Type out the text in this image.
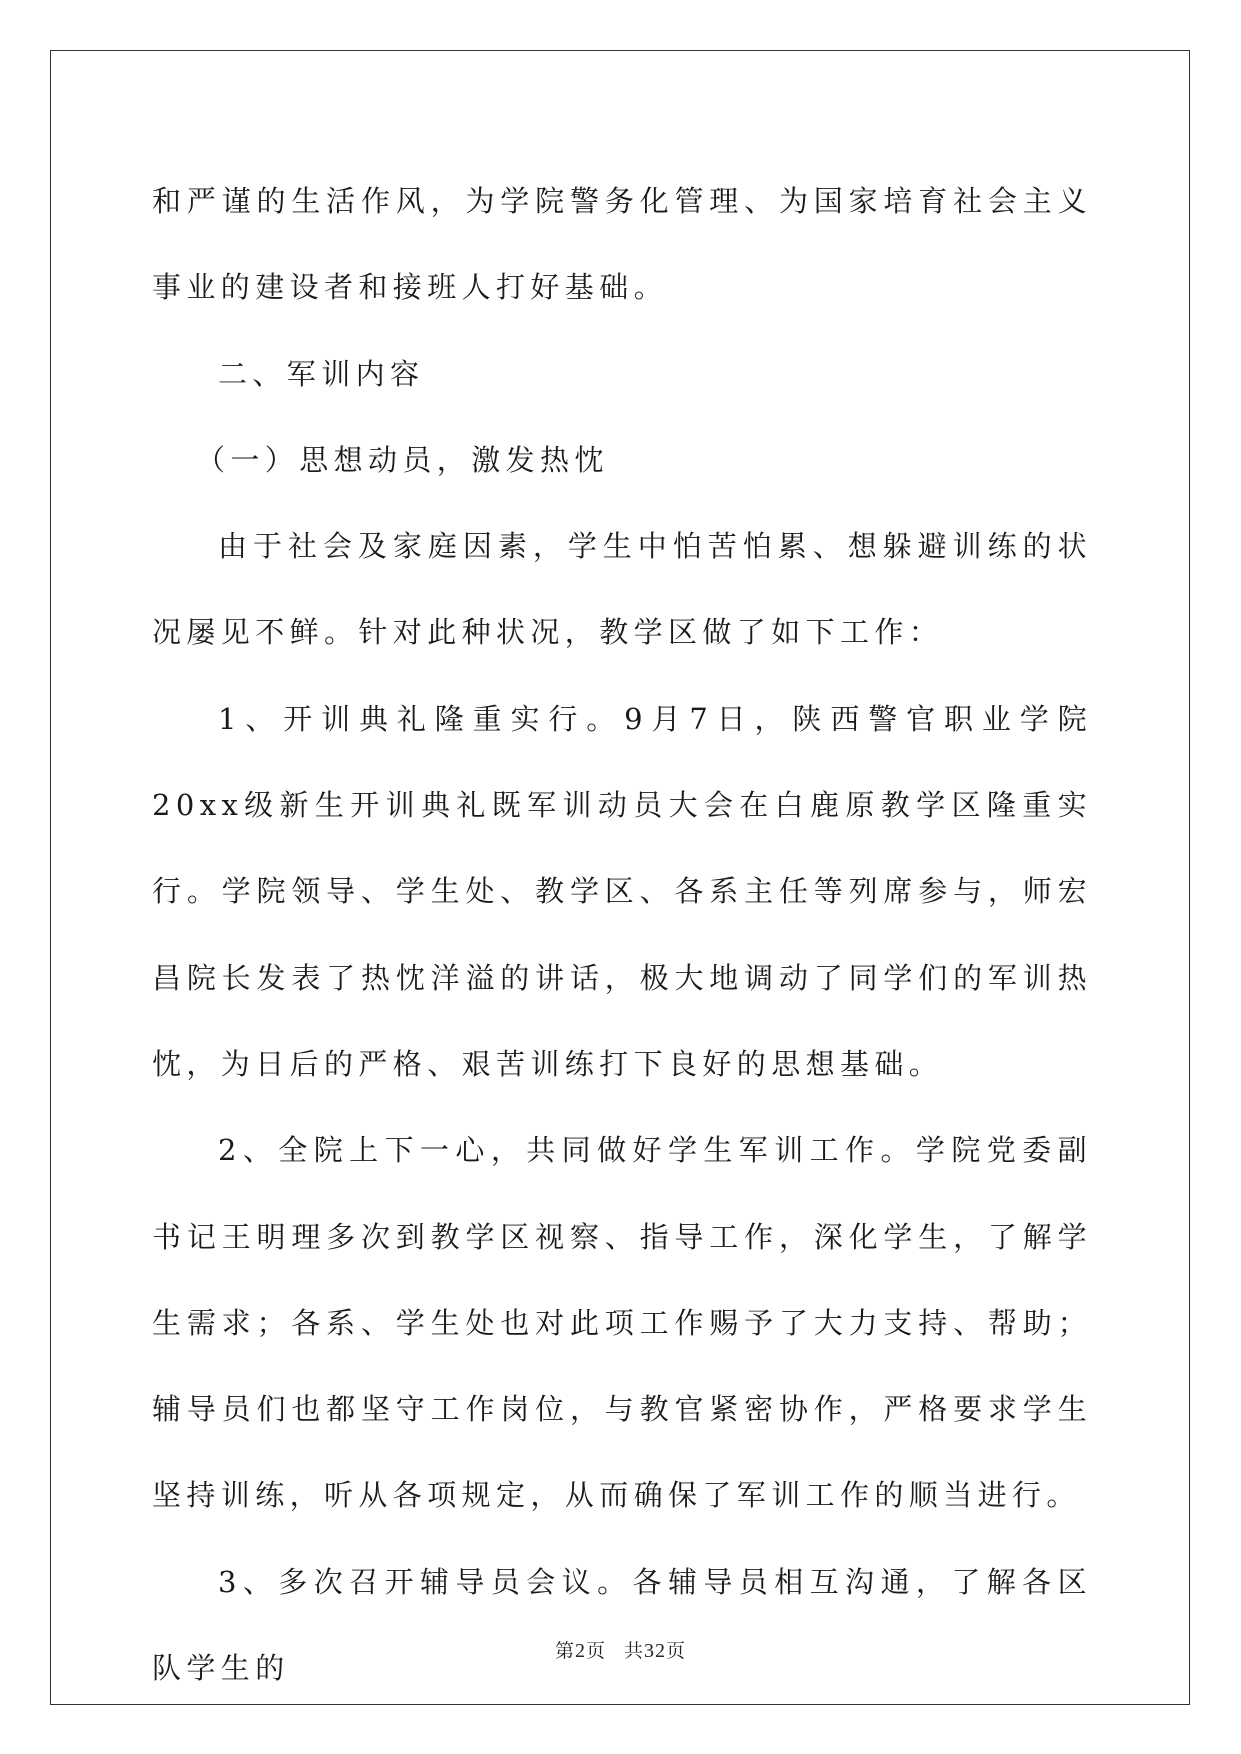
和严谨的生活作风，为学院警务化管理、为国家培育社会主义事业的建设者和接班人打好基础。

二、军训内容

（一）思想动员，激发热忱

由于社会及家庭因素，学生中怕苦怕累、想躲避训练的状况屡见不鲜。针对此种状况，教学区做了如下工作：

1、开训典礼隆重实行。9月7日，陕西警官职业学院20xx级新生开训典礼既军训动员大会在白鹿原教学区隆重实行。学院领导、学生处、教学区、各系主任等列席参与，师宏昌院长发表了热忱洋溢的讲话，极大地调动了同学们的军训热忱，为日后的严格、艰苦训练打下良好的思想基础。

2、全院上下一心，共同做好学生军训工作。学院党委副书记王明理多次到教学区视察、指导工作，深化学生，了解学生需求；各系、学生处也对此项工作赐予了大力支持、帮助；辅导员们也都坚守工作岗位，与教官紧密协作，严格要求学生坚持训练，听从各项规定，从而确保了军训工作的顺当进行。

3、多次召开辅导员会议。各辅导员相互沟通，了解各区队学生的

第2页 共32页
